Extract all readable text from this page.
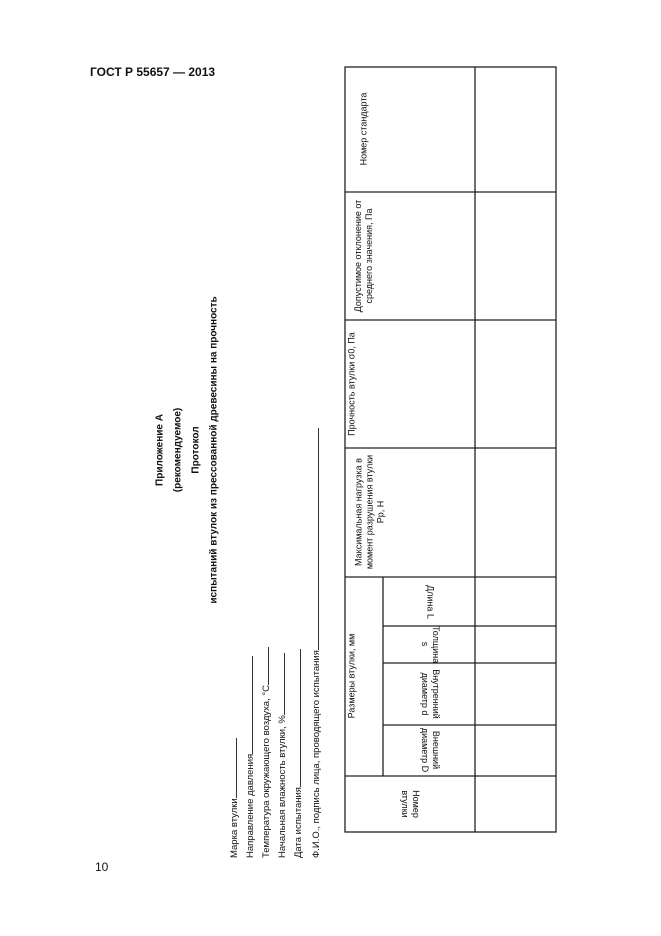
ГОСТ Р 55657 — 2013
10
Приложение А (рекомендуемое) Протокол испытаний втулок из прессованной древесины на прочность
Марка втулки Направление давления Температура окружающего воздуха, °С Начальная влажность втулки, % Дата испытания Ф.И.О., подпись лица, проводящего испытания
Номер стандарта
Допустимое отклонение от среднего значения, Па
Прочность втулки σ0, Па
Максимальная нагрузка в момент разрушения втулки Pр, Н
Размеры втулки, мм
Длина L
Толщина s
Внутренний диаметр d
Внешний диаметр D
Номер втулки
